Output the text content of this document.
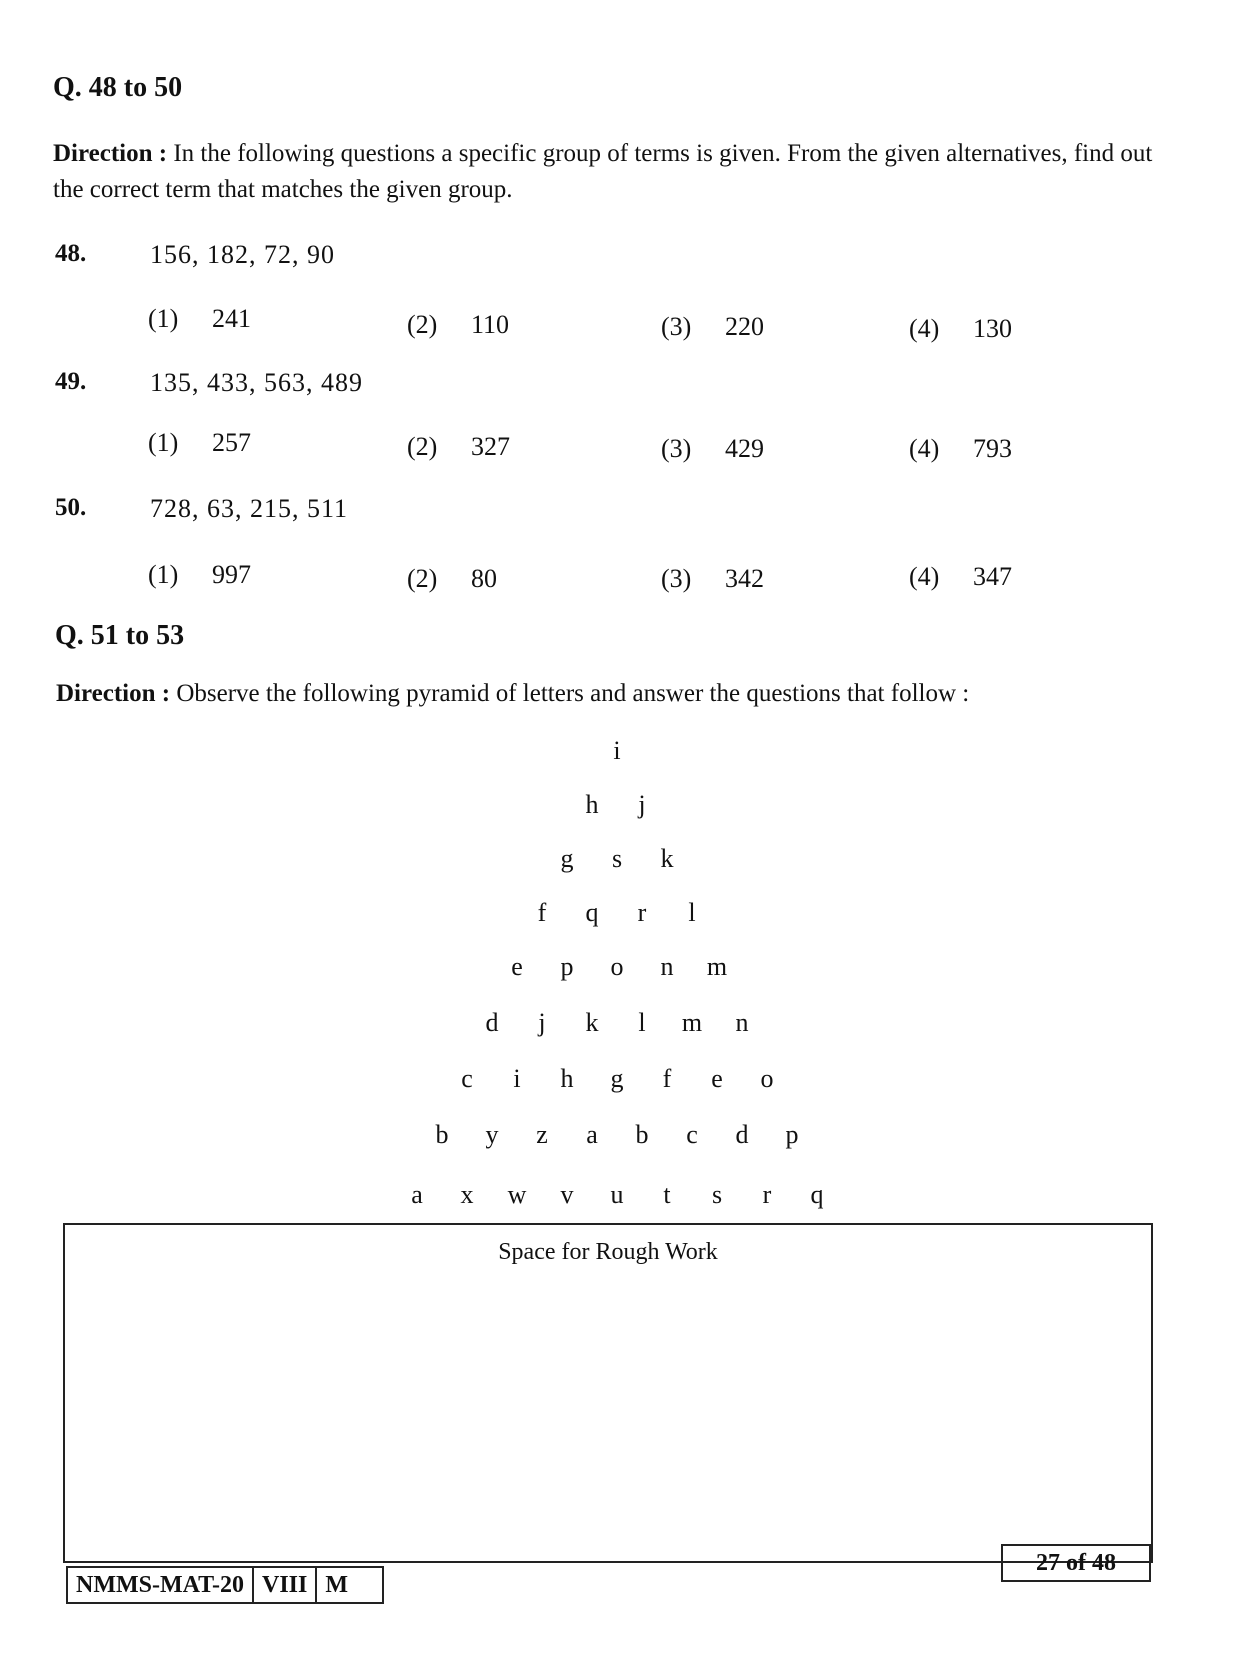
Q. 48 to 50
Direction : In the following questions a specific group of terms is given. From the given alternatives, find out the correct term that matches the given group.
48. 156, 182, 72, 90
(1) 241	(2) 110	(3) 220	(4) 130
49. 135, 433, 563, 489
(1) 257	(2) 327	(3) 429	(4) 793
50. 728, 63, 215, 511
(1) 997	(2) 80	(3) 342	(4) 347
Q. 51 to 53
Direction : Observe the following pyramid of letters and answer the questions that follow :
i
h	j
g	s	k
f	q	r	l
e	p	o	n	m
d	j	k	l	m	n
c	i	h	g	f	e	o
b	y	z	a	b	c	d	p
a	x	w	v	u	t	s	r	q
Space for Rough Work
NMMS-MAT-20 VIII M
27 of 48
